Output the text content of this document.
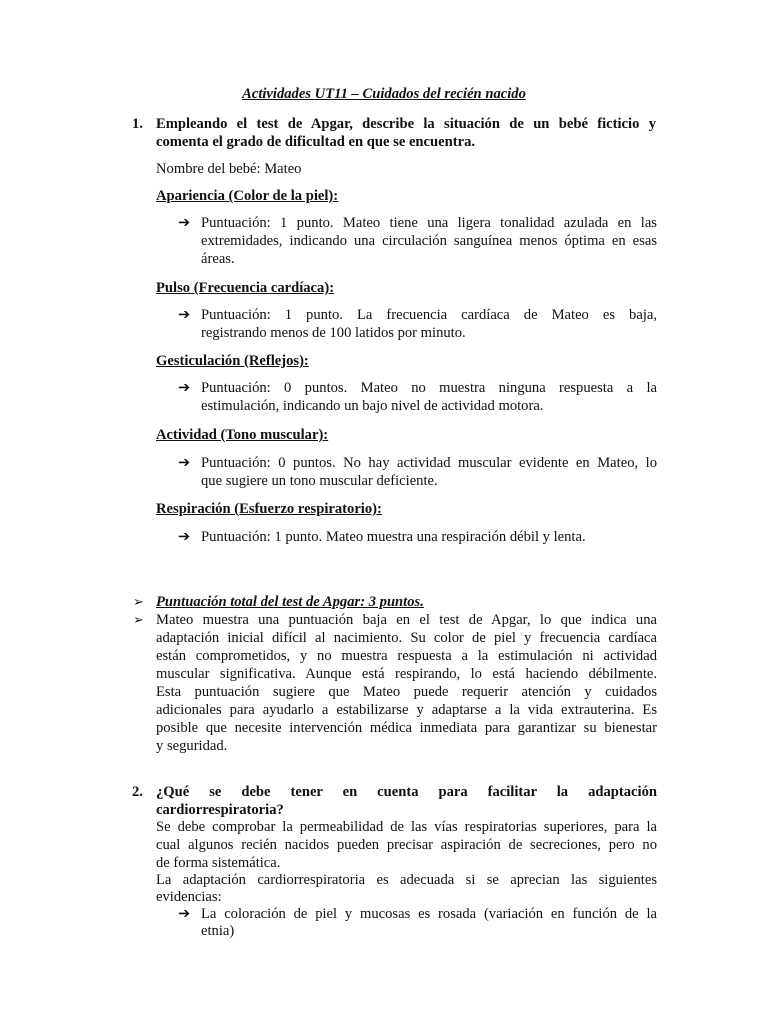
Actividades UT11 – Cuidados del recién nacido
1. Empleando el test de Apgar, describe la situación de un bebé ficticio y
comenta el grado de dificultad en que se encuentra.
Nombre del bebé: Mateo
Apariencia (Color de la piel):
➔ Puntuación: 1 punto. Mateo tiene una ligera tonalidad azulada en las
extremidades, indicando una circulación sanguínea menos óptima en esas
áreas.
Pulso (Frecuencia cardíaca):
➔ Puntuación: 1 punto. La frecuencia cardíaca de Mateo es baja,
registrando menos de 100 latidos por minuto.
Gesticulación (Reflejos):
➔ Puntuación: 0 puntos. Mateo no muestra ninguna respuesta a la
estimulación, indicando un bajo nivel de actividad motora.
Actividad (Tono muscular):
➔ Puntuación: 0 puntos. No hay actividad muscular evidente en Mateo, lo
que sugiere un tono muscular deficiente.
Respiración (Esfuerzo respiratorio):
➔ Puntuación: 1 punto. Mateo muestra una respiración débil y lenta.
➢ Puntuación total del test de Apgar: 3 puntos.
➢ Mateo muestra una puntuación baja en el test de Apgar, lo que indica una
adaptación inicial difícil al nacimiento. Su color de piel y frecuencia cardíaca
están comprometidos, y no muestra respuesta a la estimulación ni actividad
muscular significativa. Aunque está respirando, lo está haciendo débilmente.
Esta puntuación sugiere que Mateo puede requerir atención y cuidados
adicionales para ayudarlo a estabilizarse y adaptarse a la vida extrauterina. Es
posible que necesite intervención médica inmediata para garantizar su bienestar
y seguridad.
2. ¿Qué se debe tener en cuenta para facilitar la adaptación
cardiorrespiratoria?
Se debe comprobar la permeabilidad de las vías respiratorias superiores, para la
cual algunos recién nacidos pueden precisar aspiración de secreciones, pero no
de forma sistemática.
La adaptación cardiorrespiratoria es adecuada si se aprecian las siguientes
evidencias:
➔ La coloración de piel y mucosas es rosada (variación en función de la
etnia)
